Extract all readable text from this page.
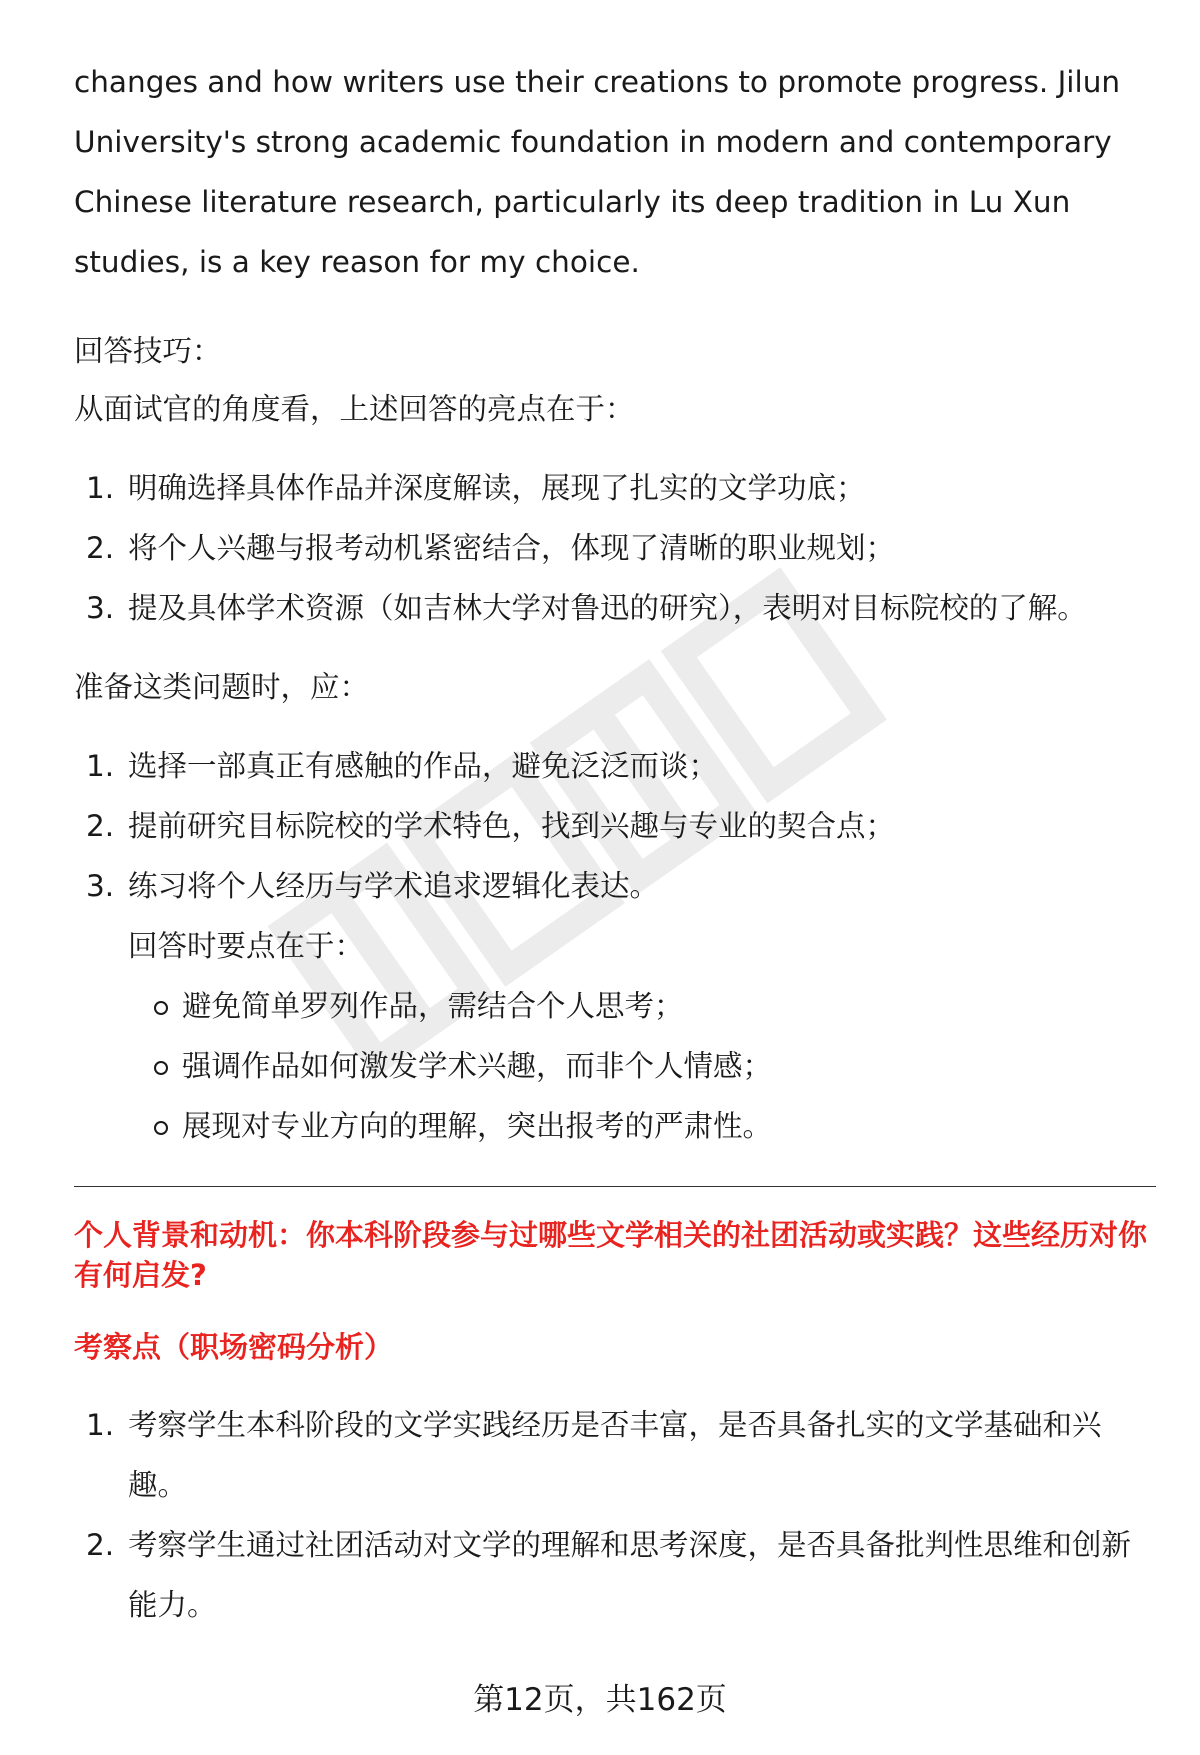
changes and how writers use their creations to promote progress. Jilun University's strong academic foundation in modern and contemporary Chinese literature research, particularly its deep tradition in Lu Xun studies, is a key reason for my choice.

回答技巧：

从面试官的角度看，上述回答的亮点在于：

1. 明确选择具体作品并深度解读，展现了扎实的文学功底；
2. 将个人兴趣与报考动机紧密结合，体现了清晰的职业规划；
3. 提及具体学术资源（如吉林大学对鲁迅的研究），表明对目标院校的了解。

准备这类问题时，应：

1. 选择一部真正有感触的作品，避免泛泛而谈；
2. 提前研究目标院校的学术特色，找到兴趣与专业的契合点；
3. 练习将个人经历与学术追求逻辑化表达。
回答时要点在于：
避免简单罗列作品，需结合个人思考；
强调作品如何激发学术兴趣，而非个人情感；
展现对专业方向的理解，突出报考的严肃性。

个人背景和动机：你本科阶段参与过哪些文学相关的社团活动或实践？这些经历对你有何启发?

考察点（职场密码分析）

1. 考察学生本科阶段的文学实践经历是否丰富，是否具备扎实的文学基础和兴趣。
2. 考察学生通过社团活动对文学的理解和思考深度，是否具备批判性思维和创新能力。
第12页，共162页
